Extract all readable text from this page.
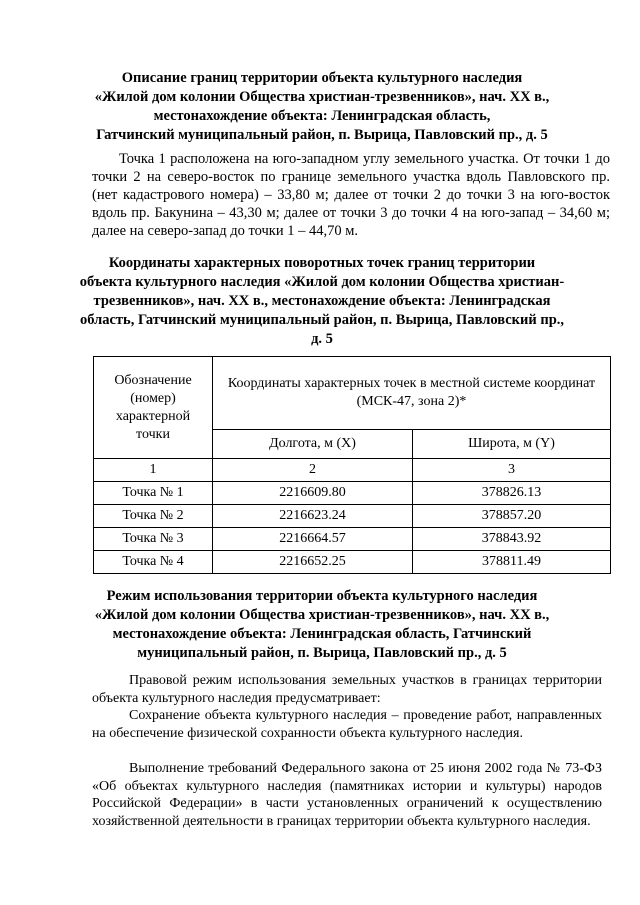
Описание границ территории объекта культурного наследия
«Жилой дом колонии Общества христиан-трезвенников», нач. XX в.,
местонахождение объекта: Ленинградская область,
Гатчинский муниципальный район, п. Вырица, Павловский пр., д. 5

Точка 1 расположена на юго-западном углу земельного участка. От точки 1 до точки 2 на северо-восток по границе земельного участка вдоль Павловского пр. (нет кадастрового номера) – 33,80 м; далее от точки 2 до точки 3 на юго-восток вдоль пр. Бакунина – 43,30 м; далее от точки 3 до точки 4 на юго-запад – 34,60 м; далее на северо-запад до точки 1 – 44,70 м.

Координаты характерных поворотных точек границ территории
объекта культурного наследия «Жилой дом колонии Общества христиан-
трезвенников», нач. XX в., местонахождение объекта: Ленинградская
область, Гатчинский муниципальный район, п. Вырица, Павловский пр.,
д. 5
Обозначение (номер) характерной точки	Координаты характерных точек в местной системе координат (МСК-47, зона 2)*	
	Долгота, м (X)	Широта, м (Y)
1	2	3
Точка № 1	2216609.80	378826.13
Точка № 2	2216623.24	378857.20
Точка № 3	2216664.57	378843.92
Точка № 4	2216652.25	378811.49
Режим использования территории объекта культурного наследия
«Жилой дом колонии Общества христиан-трезвенников», нач. XX в.,
местонахождение объекта: Ленинградская область, Гатчинский
муниципальный район, п. Вырица, Павловский пр., д. 5

Правовой режим использования земельных участков в границах территории объекта культурного наследия предусматривает:

Сохранение объекта культурного наследия – проведение работ, направленных на обеспечение физической сохранности объекта культурного наследия.

Выполнение требований Федерального закона от 25 июня 2002 года № 73-ФЗ «Об объектах культурного наследия (памятниках истории и культуры) народов Российской Федерации» в части установленных ограничений к осуществлению хозяйственной деятельности в границах территории объекта культурного наследия.
